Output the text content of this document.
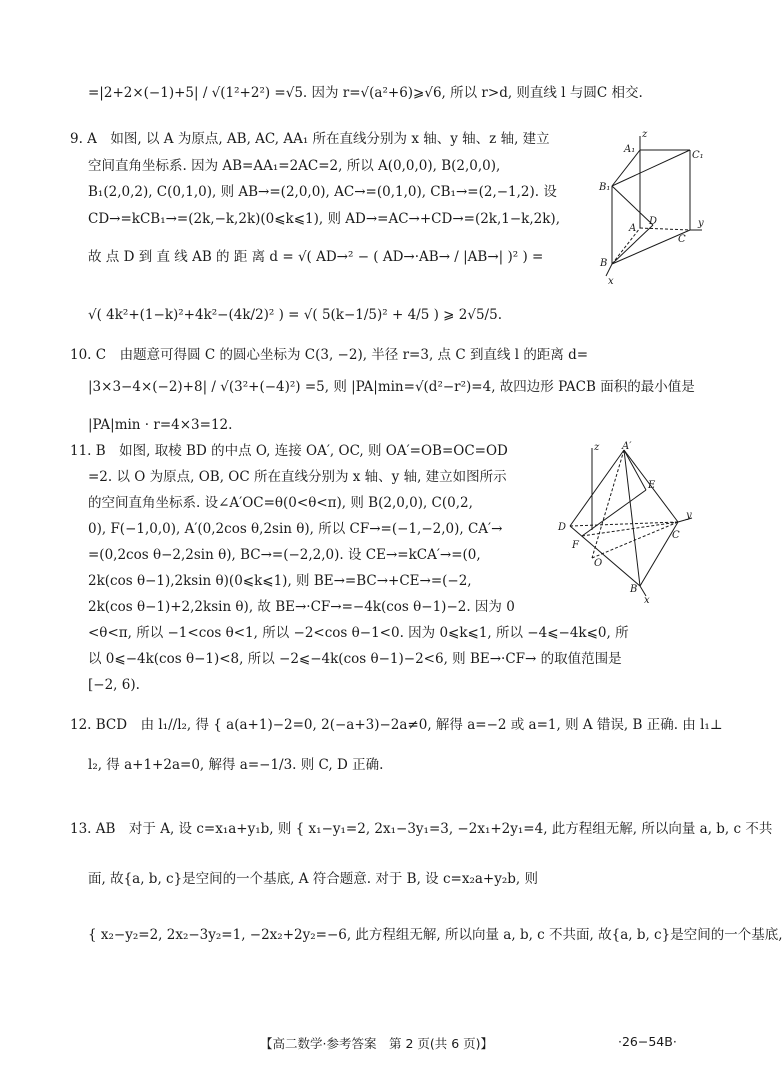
=|2+2×(−1)+5| / √(1²+2²) =√5. 因为 r=√(a²+6)⩾√6, 所以 r>d, 则直线 l 与圆C 相交.
9. A　如图, 以 A 为原点, AB, AC, AA₁ 所在直线分别为 x 轴、y 轴、z 轴, 建立
空间直角坐标系. 因为 AB=AA₁=2AC=2, 所以 A(0,0,0), B(2,0,0),
B₁(2,0,2), C(0,1,0), 则 AB→=(2,0,0), AC→=(0,1,0), CB₁→=(2,−1,2). 设
CD→=kCB₁→=(2k,−k,2k)(0⩽k⩽1), 则 AD→=AC→+CD→=(2k,1−k,2k),
故 点 D 到 直 线 AB 的 距 离 d = √( AD→² − ( AD→·AB→ / |AB→| )² ) =
√( 4k²+(1−k)²+4k²−(4k/2)² ) = √( 5(k−1/5)² + 4/5 ) ⩾ 2√5/5.
z
A₁
C₁
B₁
A
D	y
C
B
x
10. C　由题意可得圆 C 的圆心坐标为 C(3, −2), 半径 r=3, 点 C 到直线 l 的距离 d=
|3×3−4×(−2)+8| / √(3²+(−4)²) =5, 则 |PA|min=√(d²−r²)=4, 故四边形 PACB 面积的最小值是
|PA|min · r=4×3=12.
11. B　如图, 取棱 BD 的中点 O, 连接 OA′, OC, 则 OA′=OB=OC=OD
=2. 以 O 为原点, OB, OC 所在直线分别为 x 轴、y 轴, 建立如图所示
的空间直角坐标系. 设∠A′OC=θ(0<θ<π), 则 B(2,0,0), C(0,2,
0), F(−1,0,0), A′(0,2cos θ,2sin θ), 所以 CF→=(−1,−2,0), CA′→
=(0,2cos θ−2,2sin θ), BC→=(−2,2,0). 设 CE→=kCA′→=(0,
2k(cos θ−1),2ksin θ)(0⩽k⩽1), 则 BE→=BC→+CE→=(−2,
2k(cos θ−1)+2,2ksin θ), 故 BE→·CF→=−4k(cos θ−1)−2. 因为 0
<θ<π, 所以 −1<cos θ<1, 所以 −2<cos θ−1<0. 因为 0⩽k⩽1, 所以 −4⩽−4k⩽0, 所
以 0⩽−4k(cos θ−1)<8, 所以 −2⩽−4k(cos θ−1)−2<6, 则 BE→·CF→ 的取值范围是
[−2, 6).
z A′
E
y
D
C
F
O
B
x
12. BCD　由 l₁//l₂, 得 { a(a+1)−2=0, 2(−a+3)−2a≠0, 解得 a=−2 或 a=1, 则 A 错误, B 正确. 由 l₁⊥
l₂, 得 a+1+2a=0, 解得 a=−1/3. 则 C, D 正确.
13. AB　对于 A, 设 c=x₁a+y₁b, 则 { x₁−y₁=2, 2x₁−3y₁=3, −2x₁+2y₁=4, 此方程组无解, 所以向量 a, b, c 不共
面, 故{a, b, c}是空间的一个基底, A 符合题意. 对于 B, 设 c=x₂a+y₂b, 则
{ x₂−y₂=2, 2x₂−3y₂=1, −2x₂+2y₂=−6, 此方程组无解, 所以向量 a, b, c 不共面, 故{a, b, c}是空间的一个基底,
【高二数学·参考答案　第 2 页(共 6 页)】	·26−54B·
